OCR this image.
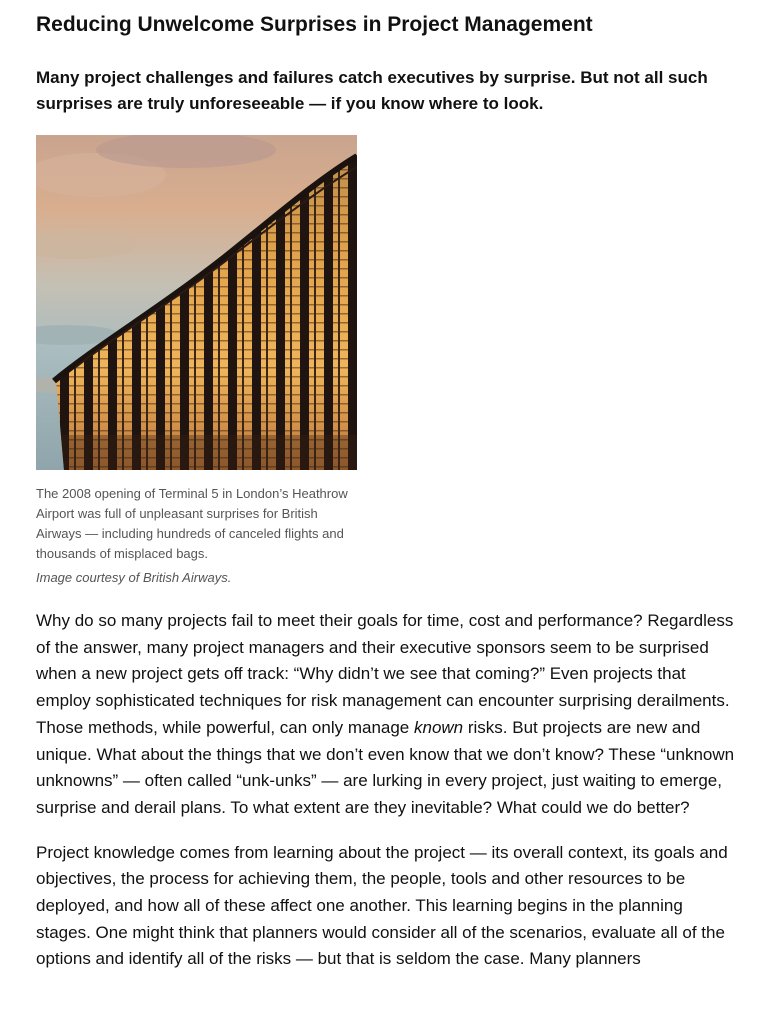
Reducing Unwelcome Surprises in Project Management

Many project challenges and failures catch executives by surprise. But not all such surprises are truly unforeseeable — if you know where to look.

The 2008 opening of Terminal 5 in London’s Heathrow Airport was full of unpleasant surprises for British Airways — including hundreds of canceled flights and thousands of misplaced bags.

Image courtesy of British Airways.

Why do so many projects fail to meet their goals for time, cost and performance? Regardless of the answer, many project managers and their executive sponsors seem to be surprised when a new project gets off track: “Why didn’t we see that coming?” Even projects that employ sophisticated techniques for risk management can encounter surprising derailments. Those methods, while powerful, can only manage known risks. But projects are new and unique. What about the things that we don’t even know that we don’t know? These “unknown unknowns” — often called “unk-unks” — are lurking in every project, just waiting to emerge, surprise and derail plans. To what extent are they inevitable? What could we do better?

Project knowledge comes from learning about the project — its overall context, its goals and objectives, the process for achieving them, the people, tools and other resources to be deployed, and how all of these affect one another. This learning begins in the planning stages. One might think that planners would consider all of the scenarios, evaluate all of the options and identify all of the risks — but that is seldom the case. Many planners
